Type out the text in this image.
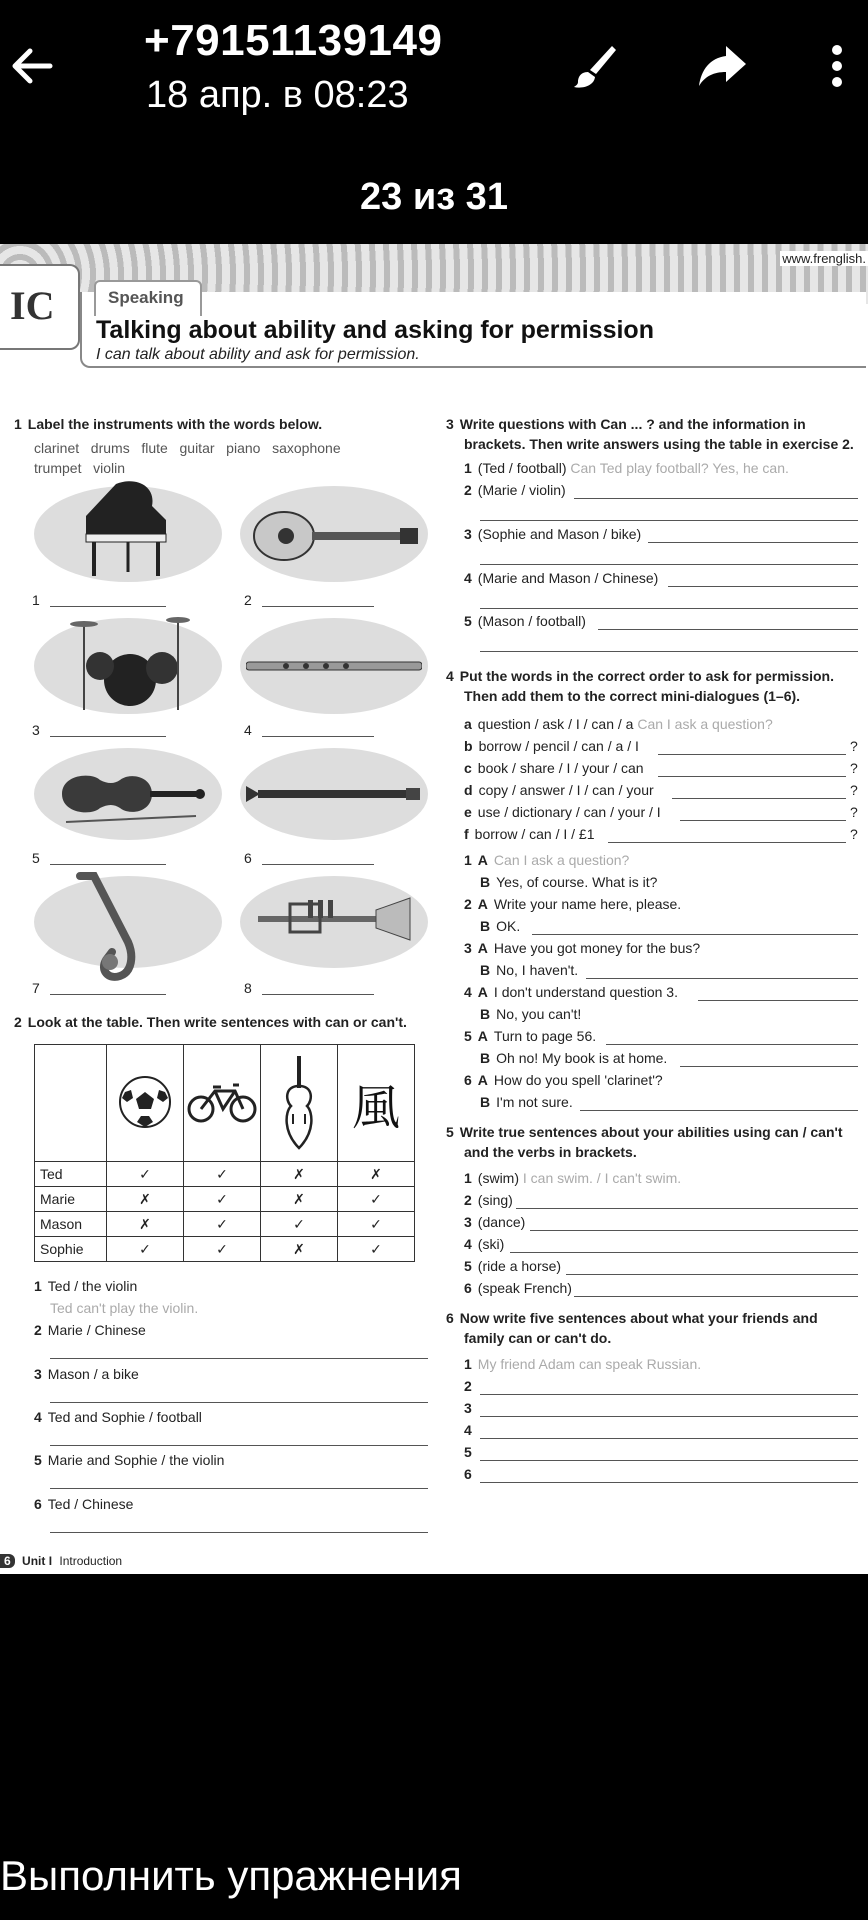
+79151139149
18 апр. в 08:23
23 из 31
www.frenglish.
IC	Speaking
Talking about ability and asking for permission
I can talk about ability and ask for permission.
1 Label the instruments with the words below.
clarinet   drums   flute   guitar   piano   saxophone
trumpet   violin
1	2
3	4
5	6
7	8
2 Look at the table. Then write sentences with can or can't.
				風
Ted	✓	✓	✗	✗
Marie	✗	✓	✗	✓
Mason	✗	✓	✓	✓
Sophie	✓	✓	✗	✓
1 Ted / the violin
Ted can't play the violin.
2 Marie / Chinese
3 Mason / a bike
4 Ted and Sophie / football
5 Marie and Sophie / the violin
6 Ted / Chinese
6 Unit I Introduction
3 Write questions with Can ... ? and the information in
brackets. Then write answers using the table in exercise 2.
1 (Ted / football) Can Ted play football? Yes, he can.
2 (Marie / violin)
3 (Sophie and Mason / bike)
4 (Marie and Mason / Chinese)
5 (Mason / football)
4 Put the words in the correct order to ask for permission.
Then add them to the correct mini-dialogues (1–6).
a question / ask / I / can / a Can I ask a question?
b borrow / pencil / can / a / I	?
c book / share / I / your / can	?
d copy / answer / I / can / your	?
e use / dictionary / can / your / I	?
f borrow / can / I / £1	?
1 A Can I ask a question?
B Yes, of course. What is it?
2 A Write your name here, please.
B OK.
3 A Have you got money for the bus?
B No, I haven't.
4 A I don't understand question 3.
B No, you can't!
5 A Turn to page 56.
B Oh no! My book is at home.
6 A How do you spell 'clarinet'?
B I'm not sure.
5 Write true sentences about your abilities using can / can't
and the verbs in brackets.
1 (swim) I can swim. / I can't swim.
2 (sing)
3 (dance)
4 (ski)
5 (ride a horse)
6 (speak French)
6 Now write five sentences about what your friends and
family can or can't do.
1 My friend Adam can speak Russian.
2
3
4
5
6
Выполнить упражнения
